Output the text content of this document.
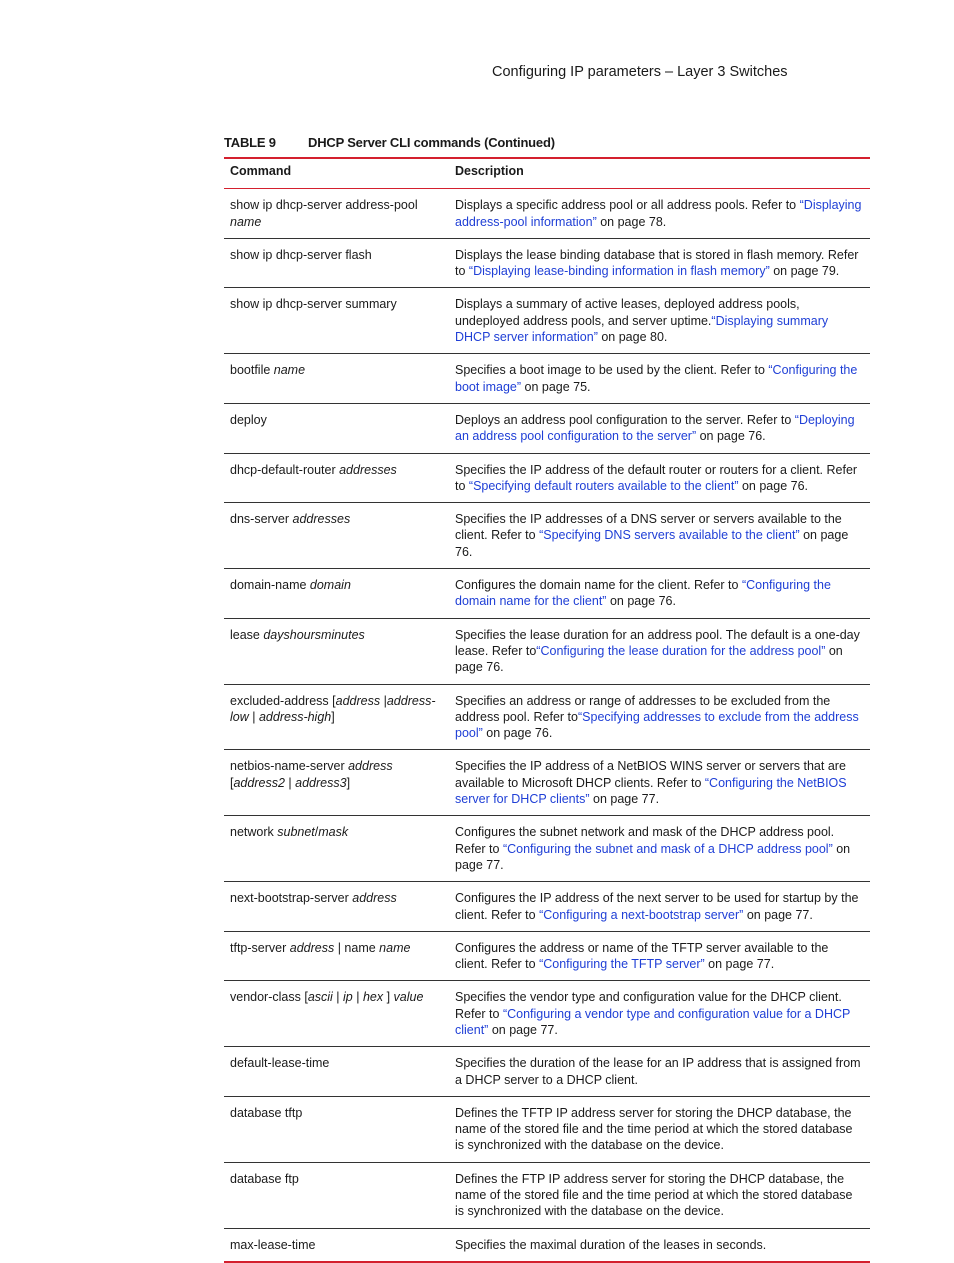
Configuring IP parameters – Layer 3 Switches
TABLE 9 DHCP Server CLI commands (Continued)
Command	Description
show ip dhcp-server address-pool name	Displays a specific address pool or all address pools. Refer to “Displaying address-pool information” on page 78.
show ip dhcp-server flash	Displays the lease binding database that is stored in flash memory. Refer to “Displaying lease-binding information in flash memory” on page 79.
show ip dhcp-server summary	Displays a summary of active leases, deployed address pools, undeployed address pools, and server uptime.“Displaying summary DHCP server information” on page 80.
bootfile name	Specifies a boot image to be used by the client. Refer to “Configuring the boot image” on page 75.
deploy	Deploys an address pool configuration to the server. Refer to “Deploying an address pool configuration to the server” on page 76.
dhcp-default-router addresses	Specifies the IP address of the default router or routers for a client. Refer to “Specifying default routers available to the client” on page 76.
dns-server addresses	Specifies the IP addresses of a DNS server or servers available to the client. Refer to “Specifying DNS servers available to the client” on page 76.
domain-name domain	Configures the domain name for the client. Refer to “Configuring the domain name for the client” on page 76.
lease dayshoursminutes	Specifies the lease duration for an address pool. The default is a one-day lease. Refer to“Configuring the lease duration for the address pool” on page 76.
excluded-address [address |address-low | address-high]	Specifies an address or range of addresses to be excluded from the address pool. Refer to“Specifying addresses to exclude from the address pool” on page 76.
netbios-name-server address [address2 | address3]	Specifies the IP address of a NetBIOS WINS server or servers that are available to Microsoft DHCP clients. Refer to “Configuring the NetBIOS server for DHCP clients” on page 77.
network subnet/mask	Configures the subnet network and mask of the DHCP address pool. Refer to “Configuring the subnet and mask of a DHCP address pool” on page 77.
next-bootstrap-server address	Configures the IP address of the next server to be used for startup by the client. Refer to “Configuring a next-bootstrap server” on page 77.
tftp-server address | name name	Configures the address or name of the TFTP server available to the client. Refer to “Configuring the TFTP server” on page 77.
vendor-class [ascii | ip | hex ] value	Specifies the vendor type and configuration value for the DHCP client. Refer to “Configuring a vendor type and configuration value for a DHCP client” on page 77.
default-lease-time	Specifies the duration of the lease for an IP address that is assigned from a DHCP server to a DHCP client.
database tftp	Defines the TFTP IP address server for storing the DHCP database, the name of the stored file and the time period at which the stored database is synchronized with the database on the device.
database ftp	Defines the FTP IP address server for storing the DHCP database, the name of the stored file and the time period at which the stored database is synchronized with the database on the device.
max-lease-time	Specifies the maximal duration of the leases in seconds.
